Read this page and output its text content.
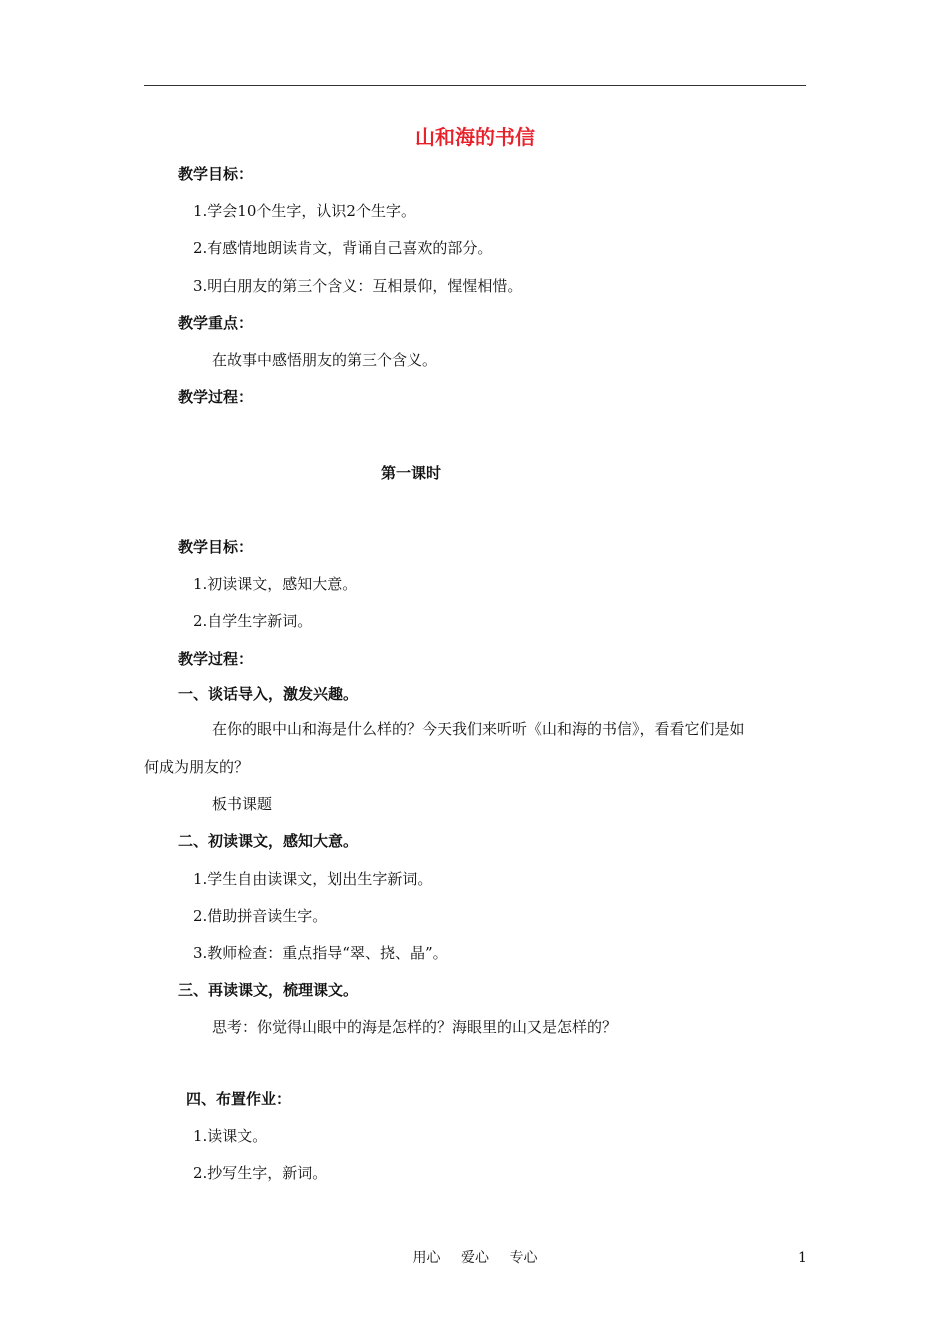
山和海的书信
教学目标：
1.学会10个生字，认识2个生字。
2.有感情地朗读肯文，背诵自己喜欢的部分。
3.明白朋友的第三个含义：互相景仰，惺惺相惜。
教学重点：
在故事中感悟朋友的第三个含义。
教学过程：
第一课时
教学目标：
1.初读课文，感知大意。
2.自学生字新词。
教学过程：
一、谈话导入，激发兴趣。
在你的眼中山和海是什么样的？今天我们来听听《山和海的书信》，看看它们是如
何成为朋友的？
板书课题
二、初读课文，感知大意。
1.学生自由读课文，划出生字新词。
2.借助拼音读生字。
3.教师检查：重点指导“翠、挠、晶”。
三、再读课文，梳理课文。
思考：你觉得山眼中的海是怎样的？海眼里的山又是怎样的？
四、布置作业：
1.读课文。
2.抄写生字，新词。
用心 爱心 专心	1
